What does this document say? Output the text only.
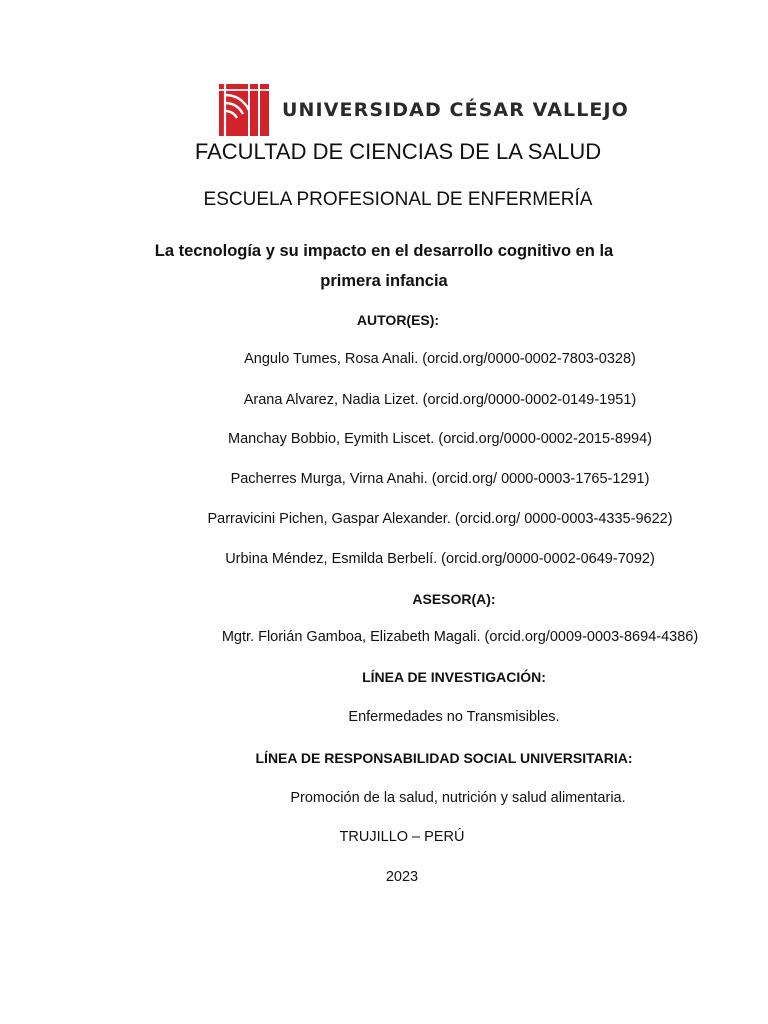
UNIVERSIDAD CÉSAR VALLEJO
FACULTAD DE CIENCIAS DE LA SALUD
ESCUELA PROFESIONAL DE ENFERMERÍA
La tecnología y su impacto en el desarrollo cognitivo en la
primera infancia
AUTOR(ES):
Angulo Tumes, Rosa Anali. (orcid.org/0000-0002-7803-0328)
Arana Alvarez, Nadia Lizet. (orcid.org/0000-0002-0149-1951)
Manchay Bobbio, Eymith Liscet. (orcid.org/0000-0002-2015-8994)
Pacherres Murga, Virna Anahi. (orcid.org/ 0000-0003-1765-1291)
Parravicini Pichen, Gaspar Alexander. (orcid.org/ 0000-0003-4335-9622)
Urbina Méndez, Esmilda Berbelí. (orcid.org/0000-0002-0649-7092)
ASESOR(A):
Mgtr. Florián Gamboa, Elizabeth Magali. (orcid.org/0009-0003-8694-4386)
LÍNEA DE INVESTIGACIÓN:
Enfermedades no Transmisibles.
LÍNEA DE RESPONSABILIDAD SOCIAL UNIVERSITARIA:
Promoción de la salud, nutrición y salud alimentaria.
TRUJILLO – PERÚ
2023
